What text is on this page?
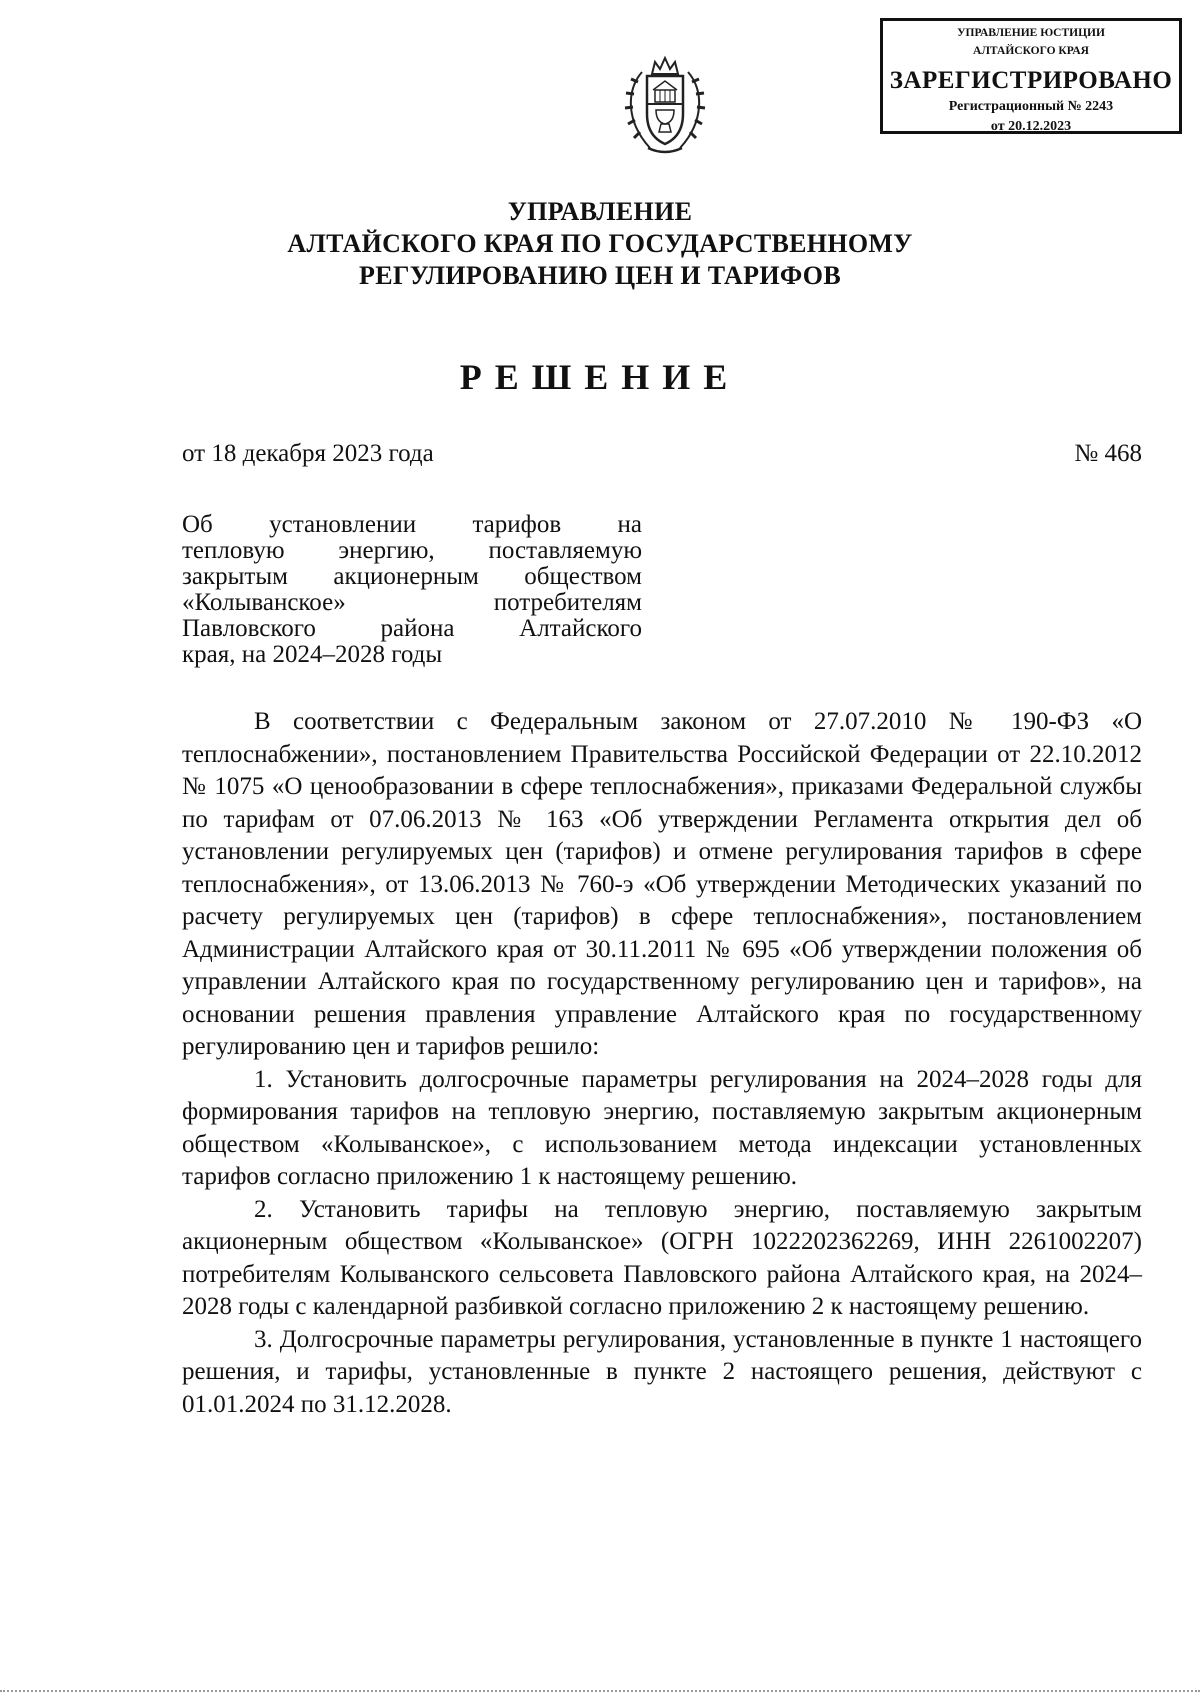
УПРАВЛЕНИЕ ЮСТИЦИИ
АЛТАЙСКОГО КРАЯ
ЗАРЕГИСТРИРОВАНО
Регистрационный № 2243
от 20.12.2023
УПРАВЛЕНИЕ
АЛТАЙСКОГО КРАЯ ПО ГОСУДАРСТВЕННОМУ
РЕГУЛИРОВАНИЮ ЦЕН И ТАРИФОВ
РЕШЕНИЕ
от 18 декабря 2023 года	№ 468
Об установлении тарифов на
тепловую энергию, поставляемую
закрытым акционерным обществом
«Колыванское» потребителям
Павловского района Алтайского
края, на 2024–2028 годы

В соответствии с Федеральным законом от 27.07.2010 № 190-ФЗ «О теплоснабжении», постановлением Правительства Российской Федерации от 22.10.2012 № 1075 «О ценообразовании в сфере теплоснабжения», приказами Федеральной службы по тарифам от 07.06.2013 № 163 «Об утверждении Регламента открытия дел об установлении регулируемых цен (тарифов) и отмене регулирования тарифов в сфере теплоснабжения», от 13.06.2013 № 760-э «Об утверждении Методических указаний по расчету регулируемых цен (тарифов) в сфере теплоснабжения», постановлением Администрации Алтайского края от 30.11.2011 № 695 «Об утверждении положения об управлении Алтайского края по государственному регулированию цен и тарифов», на основании решения правления управление Алтайского края по государственному регулированию цен и тарифов решило:

1. Установить долгосрочные параметры регулирования на 2024–2028 годы для формирования тарифов на тепловую энергию, поставляемую закрытым акционерным обществом «Колыванское», с использованием метода индексации установленных тарифов согласно приложению 1 к настоящему решению.

2. Установить тарифы на тепловую энергию, поставляемую закрытым акционерным обществом «Колыванское» (ОГРН 1022202362269, ИНН 2261002207) потребителям Колыванского сельсовета Павловского района Алтайского края, на 2024–2028 годы с календарной разбивкой согласно приложению 2 к настоящему решению.

3. Долгосрочные параметры регулирования, установленные в пункте 1 настоящего решения, и тарифы, установленные в пункте 2 настоящего решения, действуют с 01.01.2024 по 31.12.2028.
